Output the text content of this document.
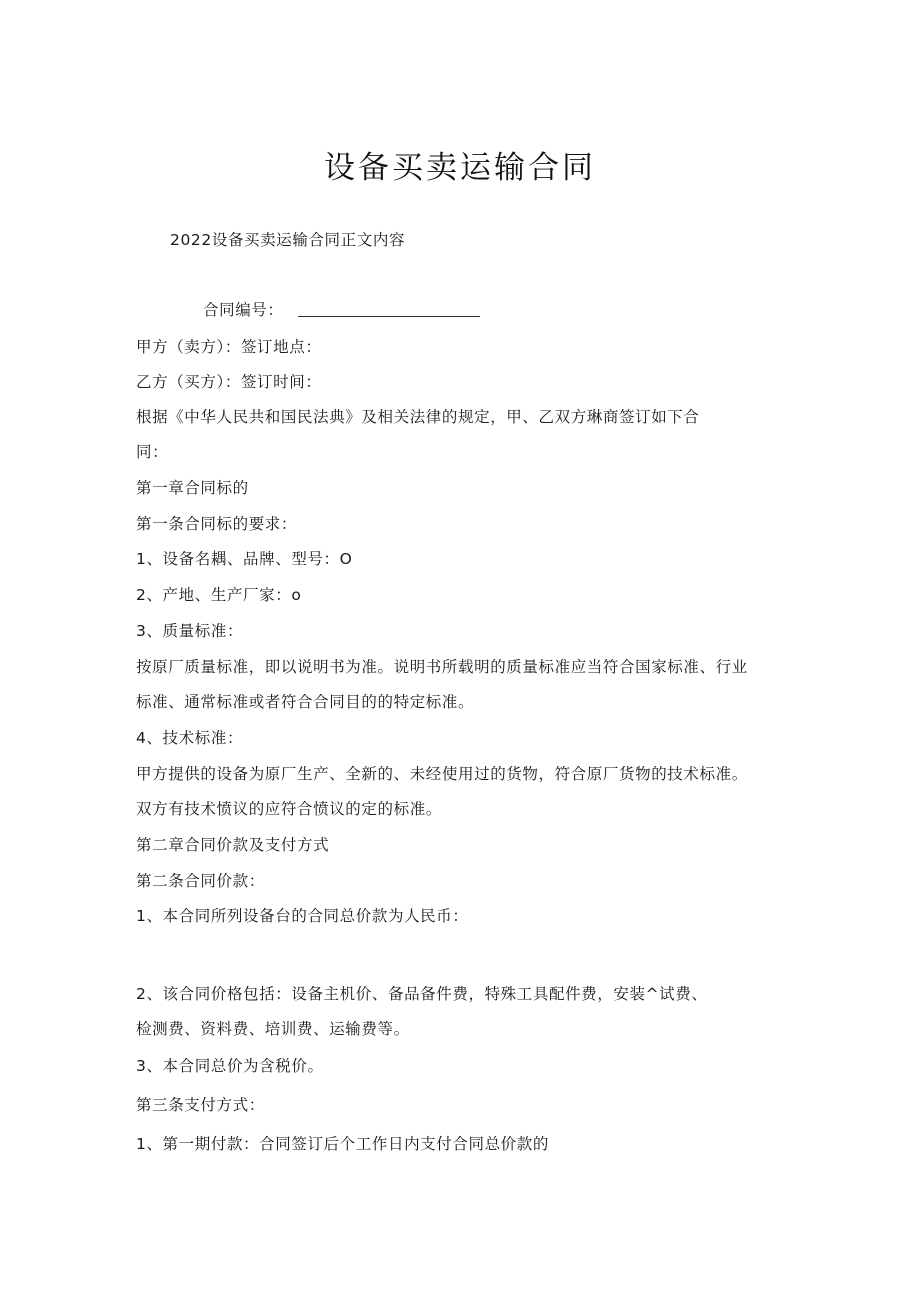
设备买卖运输合同
2022设备买卖运输合同正文内容
合同编号：
甲方（卖方）：签订地点：
乙方（买方）：签订时间：
根据《中华人民共和国民法典》及相关法律的规定，甲、乙双方琳商签订如下合
同：
第一章合同标的
第一条合同标的要求：
1、设备名耦、品牌、型号：O
2、产地、生产厂家：o
3、质量标准：
按原厂质量标准，即以说明书为准。说明书所载明的质量标准应当符合国家标准、行业
标准、通常标准或者符合合同目的的特定标准。
4、技术标准：
甲方提供的设备为原厂生产、全新的、未经使用过的货物，符合原厂货物的技术标准。
双方有技术愤议的应符合愤议的定的标准。
第二章合同价款及支付方式
第二条合同价款：
1、本合同所列设备台的合同总价款为人民币：
2、该合同价格包括：设备主机价、备品备件费，特殊工具配件费，安装^试费、
检测费、资料费、培训费、运输费等。
3、本合同总价为含税价。
第三条支付方式：
1、第一期付款：合同签订后个工作日内支付合同总价款的
